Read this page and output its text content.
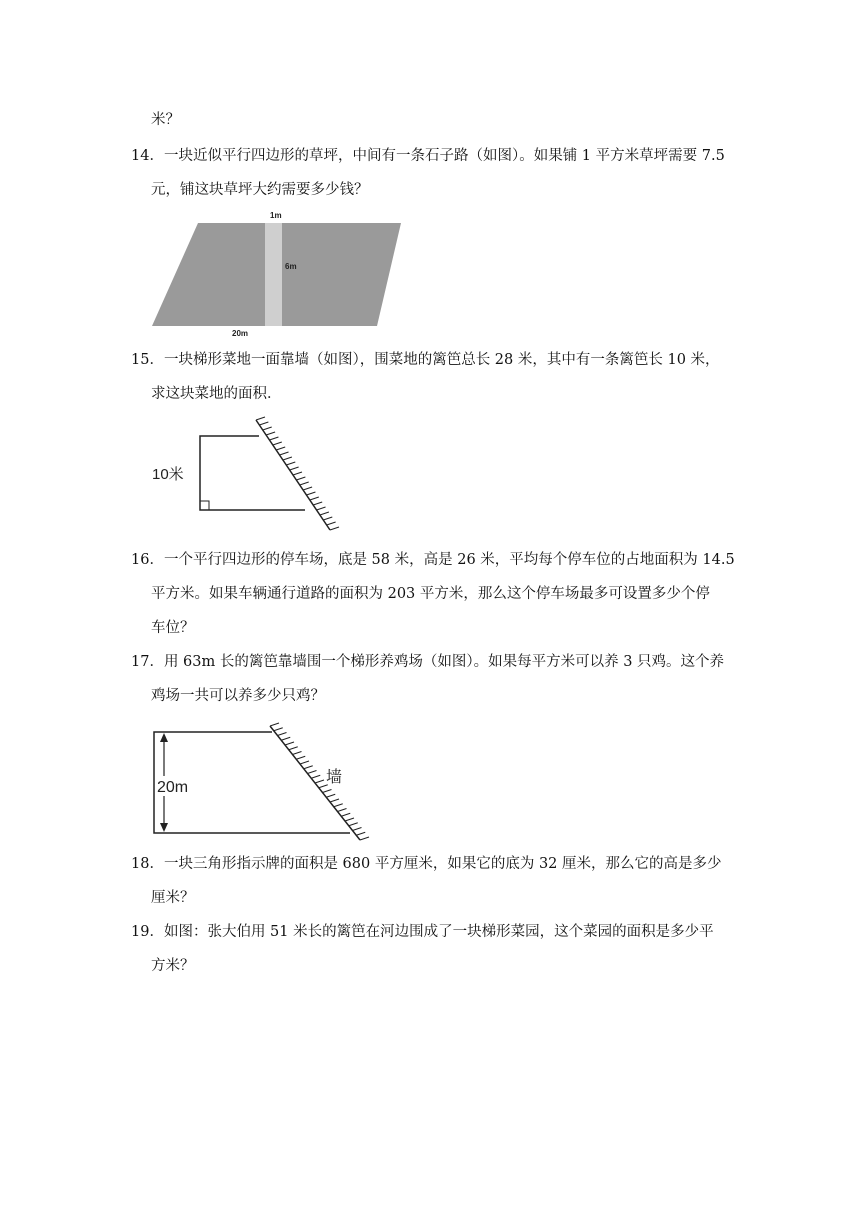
米？
14．一块近似平行四边形的草坪，中间有一条石子路（如图）。如果铺 1 平方米草坪需要 7.5
元，铺这块草坪大约需要多少钱？
1m
6m
20m
15．一块梯形菜地一面靠墙（如图），围菜地的篱笆总长 28 米，其中有一条篱笆长 10 米，
求这块菜地的面积．
10米
16．一个平行四边形的停车场，底是 58 米，高是 26 米，平均每个停车位的占地面积为 14.5
平方米。如果车辆通行道路的面积为 203 平方米，那么这个停车场最多可设置多少个停
车位？
17．用 63m 长的篱笆靠墙围一个梯形养鸡场（如图）。如果每平方米可以养 3 只鸡。这个养
鸡场一共可以养多少只鸡？
20m
墙
18．一块三角形指示牌的面积是 680 平方厘米，如果它的底为 32 厘米，那么它的高是多少
厘米？
19．如图：张大伯用 51 米长的篱笆在河边围成了一块梯形菜园，这个菜园的面积是多少平
方米？
